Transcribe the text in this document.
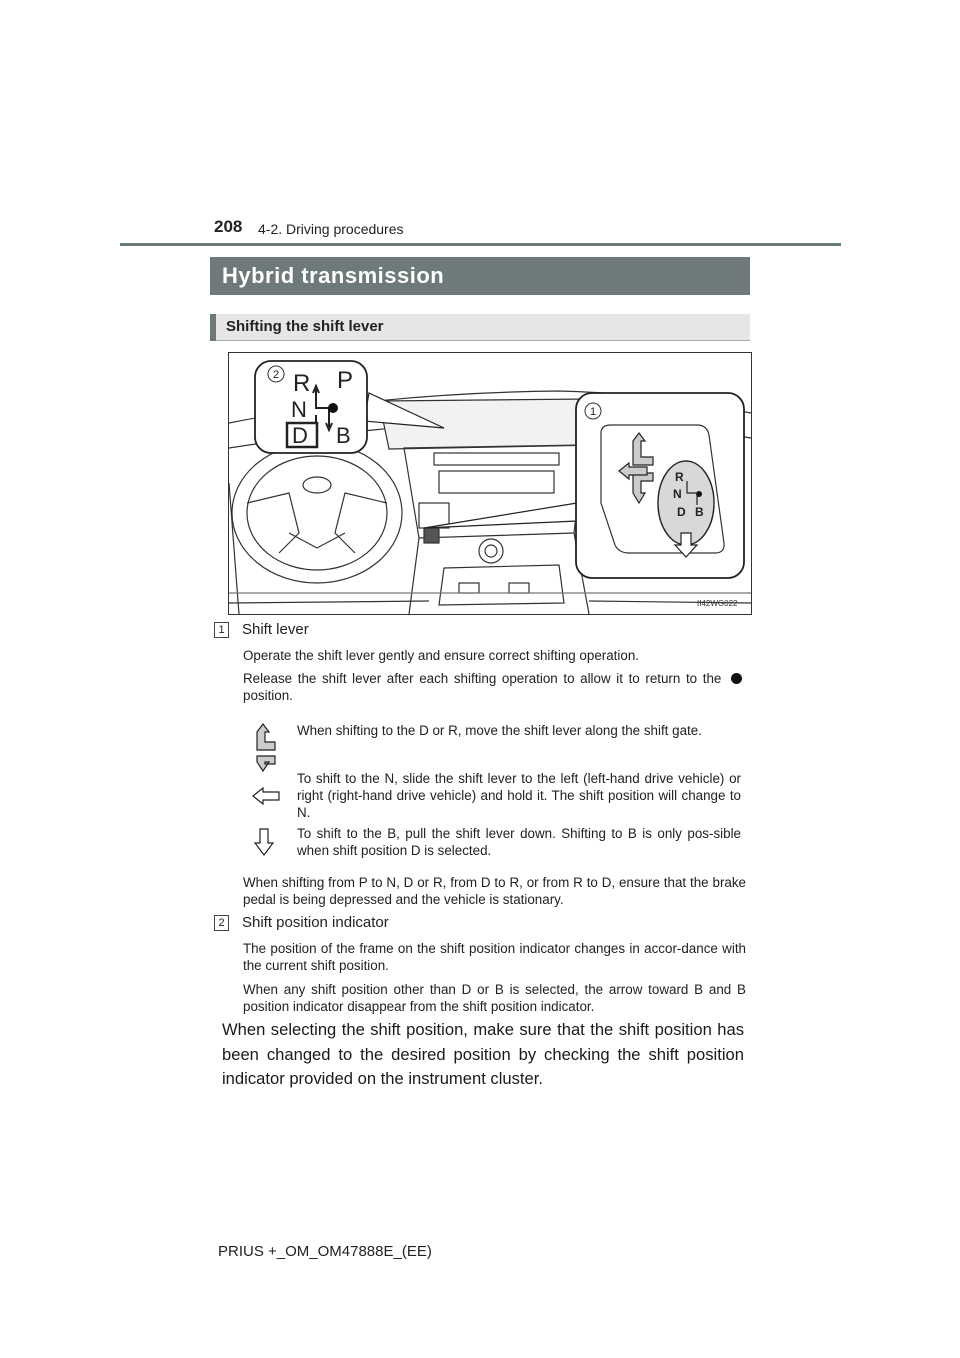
208 4-2. Driving procedures
Hybrid transmission
Shifting the shift lever
2 R P
N
D B
1
R
N
D B
II42WG022
1 Shift lever
Operate the shift lever gently and ensure correct shifting operation.
Release the shift lever after each shifting operation to allow it to return to the  position.
When shifting to the D or R, move the shift lever along the shift gate.
To shift to the N, slide the shift lever to the left (left-hand drive vehicle) or right (right-hand drive vehicle) and hold it. The shift position will change to N.
To shift to the B, pull the shift lever down. Shifting to B is only pos-sible when shift position D is selected.
When shifting from P to N, D or R, from D to R, or from R to D, ensure that the brake pedal is being depressed and the vehicle is stationary.
2 Shift position indicator
The position of the frame on the shift position indicator changes in accor-dance with the current shift position.
When any shift position other than D or B is selected, the arrow toward B and B position indicator disappear from the shift position indicator.
When selecting the shift position, make sure that the shift position has been changed to the desired position by checking the shift position indicator provided on the instrument cluster.
PRIUS +_OM_OM47888E_(EE)
